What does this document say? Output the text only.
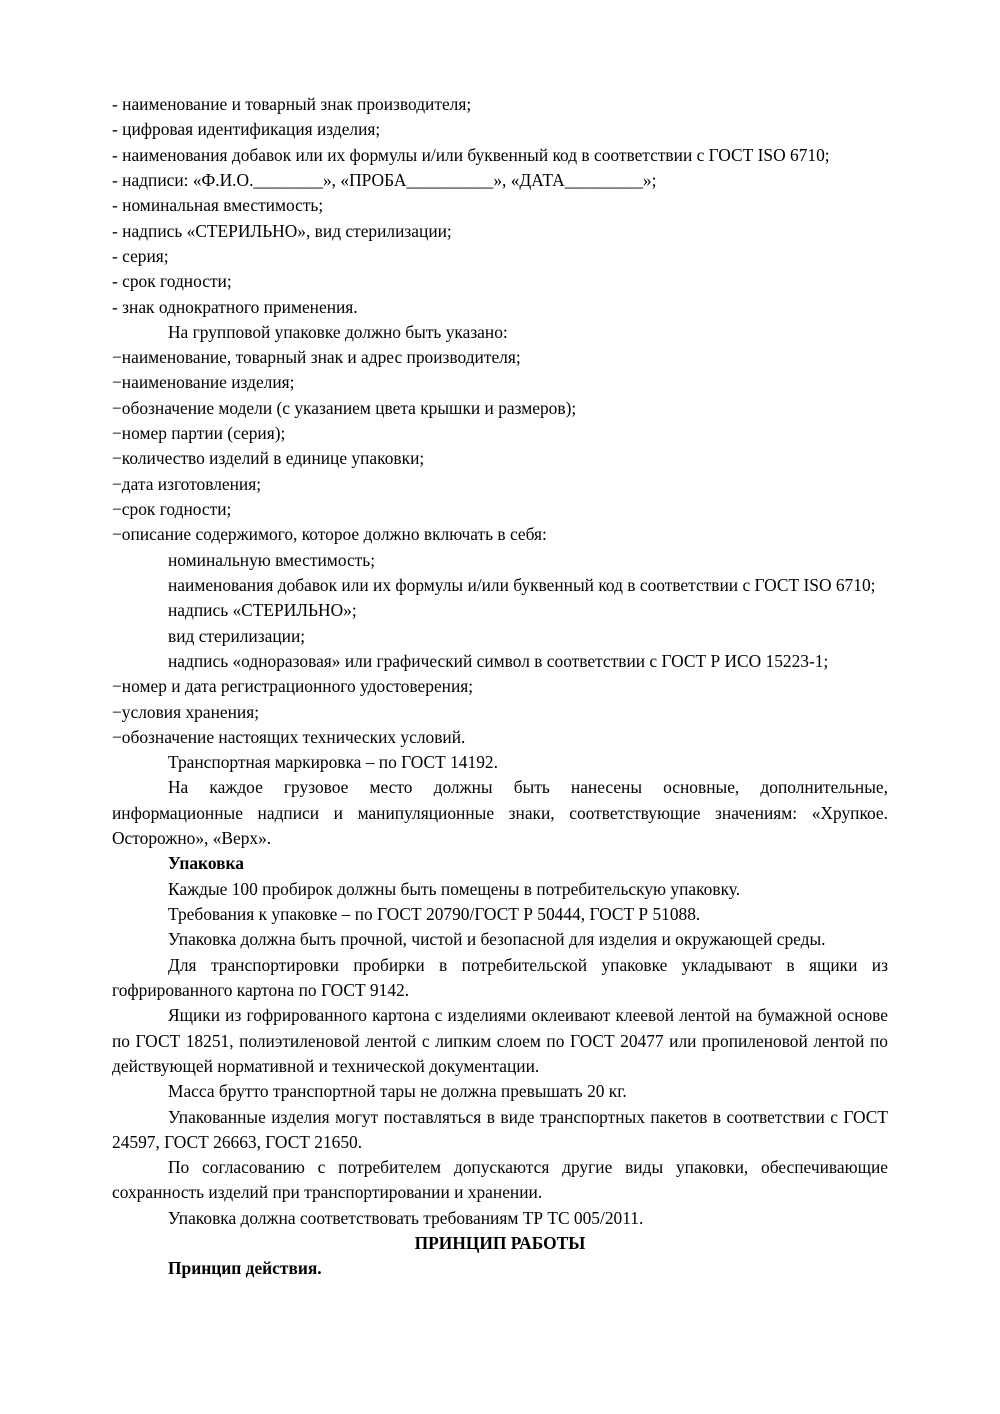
- наименование и товарный знак производителя;

- цифровая идентификация изделия;

- наименования добавок или их формулы и/или буквенный код в соответствии с ГОСТ ISO 6710;

- надписи: «Ф.И.О.________», «ПРОБА__________», «ДАТА_________»;

- номинальная вместимость;

- надпись «СТЕРИЛЬНО», вид стерилизации;

- серия;

- срок годности;

- знак однократного применения.

На групповой упаковке должно быть указано:

−наименование, товарный знак и адрес производителя;

−наименование изделия;

−обозначение модели (с указанием цвета крышки и размеров);

−номер партии (серия);

−количество изделий в единице упаковки;

−дата изготовления;

−срок годности;

−описание содержимого, которое должно включать в себя:

номинальную вместимость;

наименования добавок или их формулы и/или буквенный код в соответствии с ГОСТ ISO 6710;

надпись «СТЕРИЛЬНО»;

вид стерилизации;

надпись «одноразовая» или графический символ в соответствии с ГОСТ Р ИСО 15223-1;

−номер и дата регистрационного удостоверения;

−условия хранения;

−обозначение настоящих технических условий.

Транспортная маркировка – по ГОСТ 14192.

На каждое грузовое место должны быть нанесены основные, дополнительные, информационные надписи и манипуляционные знаки, соответствующие значениям: «Хрупкое. Осторожно», «Верх».

Упаковка

Каждые 100 пробирок должны быть помещены в потребительскую упаковку.

Требования к упаковке – по ГОСТ 20790/ГОСТ Р 50444, ГОСТ Р 51088.

Упаковка должна быть прочной, чистой и безопасной для изделия и окружающей среды.

Для транспортировки пробирки в потребительской упаковке укладывают в ящики из гофрированного картона по ГОСТ 9142.

Ящики из гофрированного картона с изделиями оклеивают клеевой лентой на бумажной основе по ГОСТ 18251, полиэтиленовой лентой с липким слоем по ГОСТ 20477 или пропиленовой лентой по действующей нормативной и технической документации.

Масса брутто транспортной тары не должна превышать 20 кг.

Упакованные изделия могут поставляться в виде транспортных пакетов в соответствии с ГОСТ 24597, ГОСТ 26663, ГОСТ 21650.

По согласованию с потребителем допускаются другие виды упаковки, обеспечивающие сохранность изделий при транспортировании и хранении.

Упаковка должна соответствовать требованиям ТР ТС 005/2011.

ПРИНЦИП РАБОТЫ

Принцип действия.
